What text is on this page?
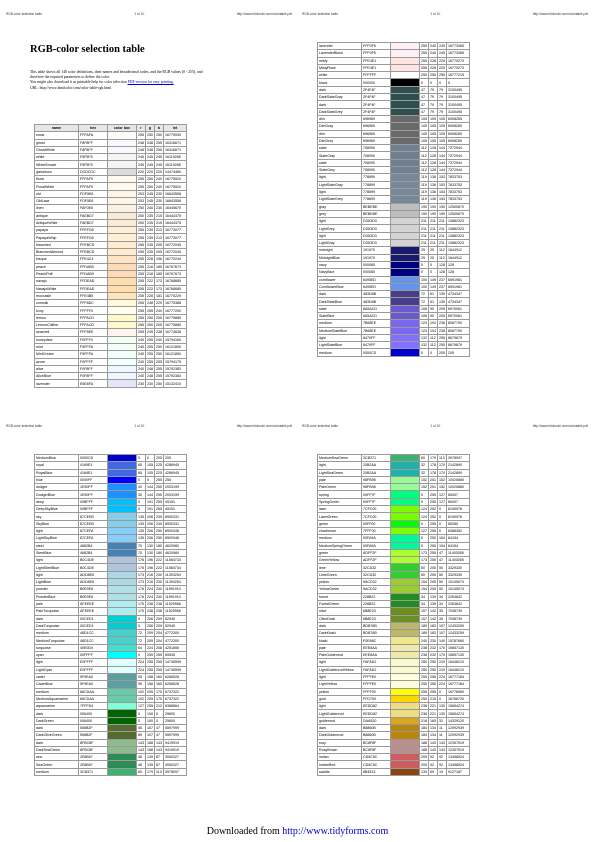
RGB color selection table	1 of 10	http://www.htmlcolor.com/colortable.pdf
RGB-color selection table
This table shows all 140 color definitions, their names and hexadecimal codes, and the RGB values (0 - 255), and
therefore the required parameters to define the color.
You might also download it as printable help for color selection PDF version for easy printing.
URL: http://www.htmlcolor.com/color-table-rgb.html
name	hex	color box	r	g	b	int
snow	FFFAFA		255	250	250	16775930
ghost	F8F8FF		248	248	255	16316671
GhostWhite	F8F8FF		248	248	255	16316671
white	F5F5F5		245	245	245	16119285
WhiteSmoke	F5F5F5		245	245	245	16119285
gainsboro	DCDCDC		220	220	220	14474460
floral	FFFAF0		255	250	240	16775920
FloralWhite	FFFAF0		255	250	240	16775920
old	FDF5E6		253	245	230	16643558
OldLace	FDF5E6		253	245	230	16643558
linen	FAF0E6		250	240	230	16445670
antique	FAEBD7		250	235	215	16444375
AntiqueWhite	FAEBD7		250	235	215	16444375
papaya	FFEFD5		255	239	213	16773077
PapayaWhip	FFEFD5		255	239	213	16773077
blanched	FFEBCD		255	235	205	16772045
BlanchedAlmond	FFEBCD		255	235	205	16772045
bisque	FFE4C4		255	228	196	16770244
peach	FFDAB9		255	218	185	16767673
PeachPuff	FFDAB9		255	218	185	16767673
navajo	FFDEAD		255	222	173	16768685
NavajoWhite	FFDEAD		255	222	173	16768685
moccasin	FFE4B5		255	228	181	16770229
cornsilk	FFF8DC		255	248	220	16775388
ivory	FFFFF0		255	255	240	16777200
lemon	FFFACD		255	250	205	16775885
LemonChiffon	FFFACD		255	250	205	16775885
seashell	FFF5EE		255	245	238	16774638
honeydew	F0FFF0		240	255	240	15794160
mint	F5FFFA		245	255	250	16121850
MintCream	F5FFFA		245	255	250	16121850
azure	F0FFFF		240	255	255	15794175
alice	F0F8FF		240	248	255	15792383
AliceBlue	F0F8FF		240	248	255	15792383
lavender	E6E6FA		230	230	250	15132410
RGB color selection table	1 of 10	http://www.htmlcolor.com/colortable.pdf
lavender	FFF0F5		255	240	245	16773365
LavenderBlush	FFF0F5		255	240	245	16773365
misty	FFE4E1		255	228	225	16770273
MistyRose	FFE4E1		255	228	225	16770273
white	FFFFFF		255	255	255	16777215
black	000000		0	0	0	0
dark	2F4F4F		47	79	79	3100495
DarkSlateGray	2F4F4F		47	79	79	3100495
dark	2F4F4F		47	79	79	3100495
DarkSlateGrey	2F4F4F		47	79	79	3100495
dim	696969		105	105	105	6908265
DimGray	696969		105	105	105	6908265
dim	696969		105	105	105	6908265
DimGrey	696969		105	105	105	6908265
slate	708090		112	128	144	7372944
SlateGray	708090		112	128	144	7372944
slate	708090		112	128	144	7372944
SlateGrey	708090		112	128	144	7372944
light	778899		119	136	153	7833753
LightSlateGray	778899		119	136	153	7833753
light	778899		119	136	153	7833753
LightSlateGrey	778899		119	136	153	7833753
gray	BEBEBE		190	190	190	12500670
grey	BEBEBE		190	190	190	12500670
light	D3D3D3		211	211	211	13882323
LightGrey	D3D3D3		211	211	211	13882323
light	D3D3D3		211	211	211	13882323
LightGray	D3D3D3		211	211	211	13882323
midnight	191970		25	25	112	1644912
MidnightBlue	191970		25	25	112	1644912
navy	000080		0	0	128	128
NavyBlue	000080		0	0	128	128
cornflower	6495ED		100	149	237	6591981
CornflowerBlue	6495ED		100	149	237	6591981
dark	483D8B		72	61	139	4734347
DarkSlateBlue	483D8B		72	61	139	4734347
slate	6A5ACD		106	90	205	6970061
SlateBlue	6A5ACD		106	90	205	6970061
medium	7B68EE		123	104	238	8087790
MediumSlateBlue	7B68EE		123	104	238	8087790
light	8470FF		132	112	255	8679679
LightSlateBlue	8470FF		132	112	255	8679679
medium	0000CD		0	0	205	205
RGB color selection table	1 of 10	http://www.htmlcolor.com/colortable.pdf
MediumBlue	0000CD		0	0	205	205
royal	4169E1		65	105	225	4286945
RoyalBlue	4169E1		65	105	225	4286945
blue	0000FF		0	0	255	255
dodger	1E90FF		30	144	255	2003199
DodgerBlue	1E90FF		30	144	255	2003199
deep	00BFFF		0	191	255	49151
DeepSkyBlue	00BFFF		0	191	255	49151
sky	87CEEB		135	206	235	8900331
SkyBlue	87CEEB		135	206	235	8900331
light	87CEFA		135	206	250	8900346
LightSkyBlue	87CEFA		135	206	250	8900346
steel	4682B4		70	130	180	4620980
SteelBlue	4682B4		70	130	180	4620980
light	B0C4DE		176	196	222	11584734
LightSteelBlue	B0C4DE		176	196	222	11584734
light	ADD8E6		173	216	230	11393254
LightBlue	ADD8E6		173	216	230	11393254
powder	B0E0E6		176	224	230	11591910
PowderBlue	B0E0E6		176	224	230	11591910
pale	AFEEEE		175	238	238	11529966
PaleTurquoise	AFEEEE		175	238	238	11529966
dark	00CED1		0	206	209	52945
DarkTurquoise	00CED1		0	206	209	52945
medium	48D1CC		72	209	204	4772300
MediumTurquoise	48D1CC		72	209	204	4772300
turquoise	40E0D0		64	224	208	4251856
cyan	00FFFF		0	255	255	65535
light	E0FFFF		224	255	255	14745599
LightCyan	E0FFFF		224	255	255	14745599
cadet	5F9EA0		95	158	160	6266528
CadetBlue	5F9EA0		95	158	160	6266528
medium	66CDAA		102	205	170	6737322
MediumAquamarine	66CDAA		102	205	170	6737322
aquamarine	7FFFD4		127	255	212	8388564
dark	006400		0	100	0	25600
DarkGreen	006400		0	100	0	25600
dark	556B2F		85	107	47	5597999
DarkOliveGreen	556B2F		85	107	47	5597999
dark	8FBC8F		143	188	143	9419919
DarkSeaGreen	8FBC8F		143	188	143	9419919
sea	2E8B57		46	139	87	3050327
SeaGreen	2E8B57		46	139	87	3050327
medium	3CB371		60	179	113	3978097
RGB color selection table	1 of 10	http://www.htmlcolor.com/colortable.pdf
MediumSeaGreen	3CB371		60	179	113	3978097
light	20B2AA		32	178	170	2142890
LightSeaGreen	20B2AA		32	178	170	2142890
pale	98FB98		152	251	152	10025880
PaleGreen	98FB98		152	251	152	10025880
spring	00FF7F		0	255	127	65407
SpringGreen	00FF7F		0	255	127	65407
lawn	7CFC00		124	252	0	8190976
LawnGreen	7CFC00		124	252	0	8190976
green	00FF00		0	255	0	65280
chartreuse	7FFF00		127	255	0	8388352
medium	00FA9A		0	250	154	64154
MediumSpringGreen	00FA9A		0	250	154	64154
green	ADFF2F		173	255	47	11403055
GreenYellow	ADFF2F		173	255	47	11403055
lime	32CD32		50	205	50	3329330
LimeGreen	32CD32		50	205	50	3329330
yellow	9ACD32		154	205	50	10145074
YellowGreen	9ACD32		154	205	50	10145074
forest	228B22		34	139	34	2263842
ForestGreen	228B22		34	139	34	2263842
olive	6B8E23		107	142	35	7048739
OliveDrab	6B8E23		107	142	35	7048739
dark	BDB76B		189	183	107	12433259
DarkKhaki	BDB76B		189	183	107	12433259
khaki	F0E68C		240	230	140	15787660
pale	EEE8AA		238	232	170	15657130
PaleGoldenrod	EEE8AA		238	232	170	15657130
light	FAFAD2		250	250	210	16448210
LightGoldenrodYellow	FAFAD2		250	250	210	16448210
light	FFFFE0		255	255	224	16777184
LightYellow	FFFFE0		255	255	224	16777184
yellow	FFFF00		255	255	0	16776960
gold	FFD700		255	215	0	16766720
light	EEDD82		238	221	130	15654274
LightGoldenrod	EEDD82		238	221	130	15654274
goldenrod	DAA520		218	165	32	14329120
dark	B8860B		184	134	11	12092939
DarkGoldenrod	B8860B		184	134	11	12092939
rosy	BC8F8F		188	143	143	12357519
RosyBrown	BC8F8F		188	143	143	12357519
indian	CD5C5C		205	92	92	13458524
IndianRed	CD5C5C		205	92	92	13458524
saddle	8B4513		139	69	19	9127187
Downloaded from http://www.tidyforms.com
